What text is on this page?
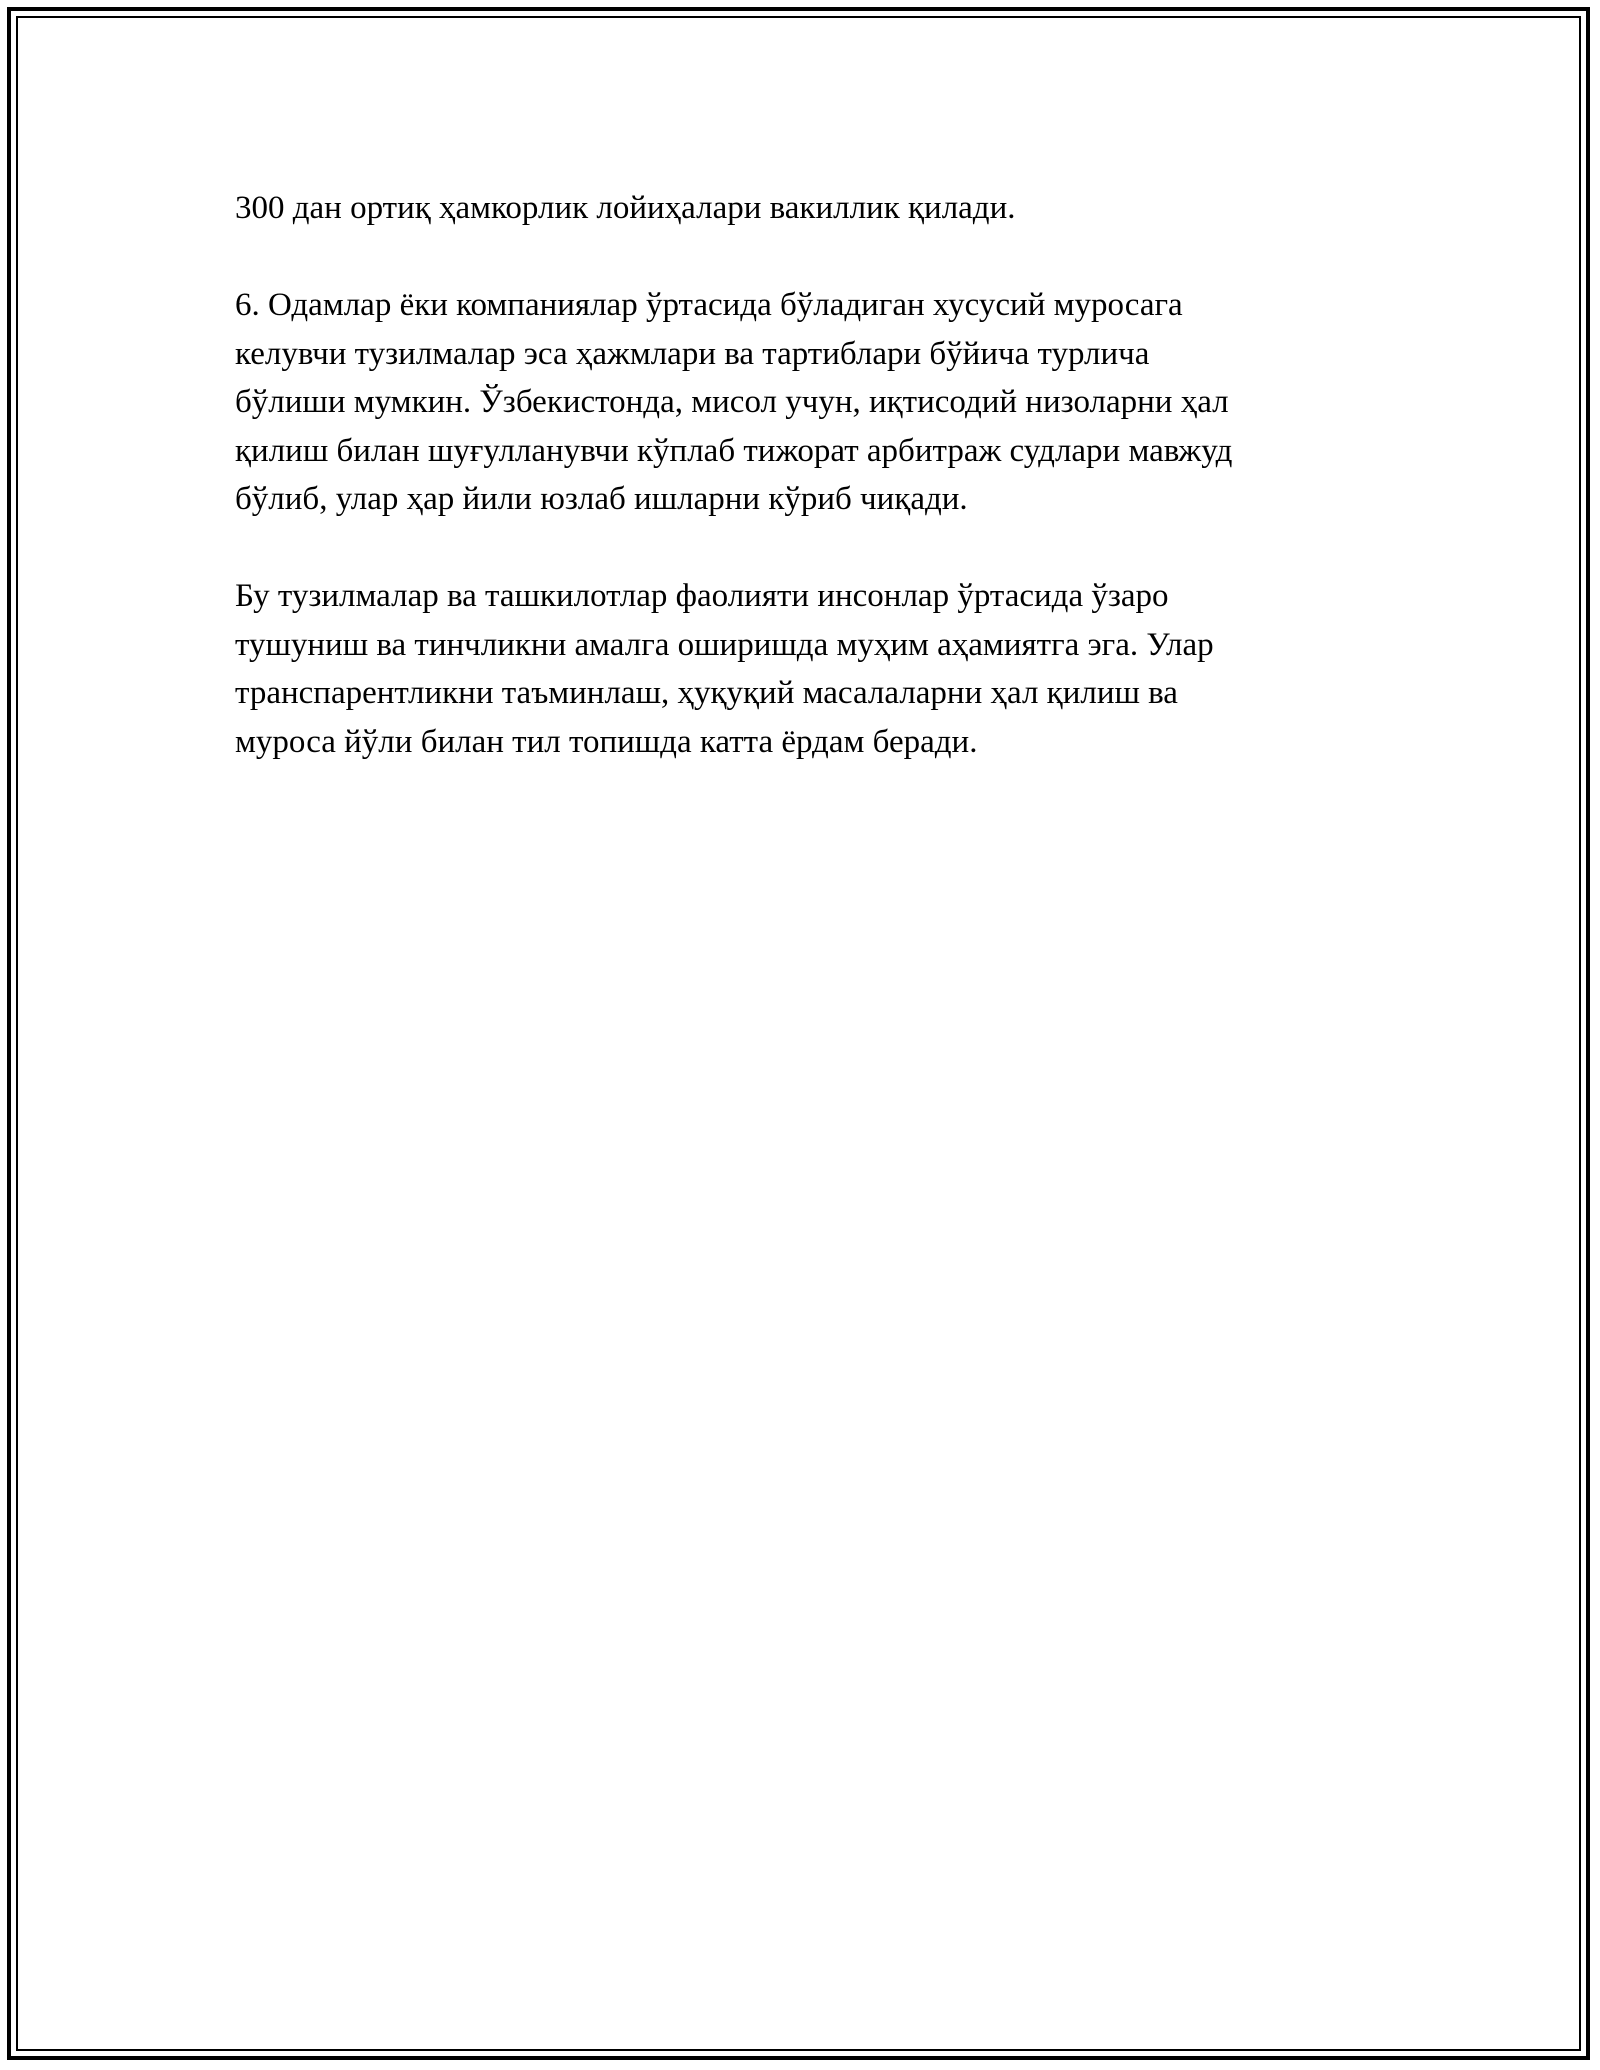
300 дан ортиқ ҳамкорлик лойиҳалари вакиллик қилади.

6. Одамлар ёки компаниялар ўртасида бўладиган хусусий муросага
келувчи тузилмалар эса ҳажмлари ва тартиблари бўйича турлича
бўлиши мумкин. Ўзбекистонда, мисол учун, иқтисодий низоларни ҳал
қилиш билан шуғулланувчи кўплаб тижорат арбитраж судлари мавжуд
бўлиб, улар ҳар йили юзлаб ишларни кўриб чиқади.

Бу тузилмалар ва ташкилотлар фаолияти инсонлар ўртасида ўзаро
тушуниш ва тинчликни амалга оширишда муҳим аҳамиятга эга. Улар
транспарентликни таъминлаш, ҳуқуқий масалаларни ҳал қилиш ва
муроса йўли билан тил топишда катта ёрдам беради.
